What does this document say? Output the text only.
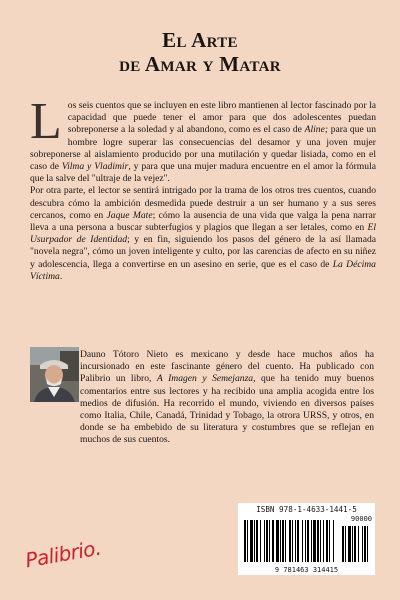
El Arte
de Amar y Matar

Los seis cuentos que se incluyen en este libro mantienen al lector fascinado por la capacidad que puede tener el amor para que dos adolescentes puedan sobreponerse a la soledad y al abandono, como es el caso de Aline; para que un hombre logre superar las consecuencias del desamor y una joven mujer sobreponerse al aislamiento producido por una mutilación y quedar lisiada, como en el caso de Vilma y Vladimir, y para que una mujer madura encuentre en el amor la fórmula que la salve del "ultraje de la vejez".

Por otra parte, el lector se sentirá intrigado por la trama de los otros tres cuentos, cuando descubra cómo la ambición desmedida puede destruir a un ser humano y a sus seres cercanos, como en Jaque Mate; cómo la ausencia de una vida que valga la pena narrar lleva a una persona a buscar subterfugios y plagios que llegan a ser letales, como en El Usurpador de Identidad; y en fin, siguiendo los pasos del género de la así llamada "novela negra", cómo un joven inteligente y culto, por las carencias de afecto en su niñez y adolescencia, llega a convertirse en un asesino en serie, que es el caso de La Décima Víctima.

Dauno Tótoro Nieto es mexicano y desde hace muchos años ha incursionado en este fascinante género del cuento. Ha publicado con Palibrio un libro, A Imagen y Semejanza, que ha tenido muy buenos comentarios entre sus lectores y ha recibido una amplia acogida entre los medios de difusión. Ha recorrido el mundo, viviendo en diversos países como Italia, Chile, Canadá, Trinidad y Tobago, la otrora URSS, y otros, en donde se ha embebido de su literatura y costumbres que se reflejan en muchos de sus cuentos.

Palibrio.
ISBN 978-1-4633-1441-5
90000
9 781463 314415
